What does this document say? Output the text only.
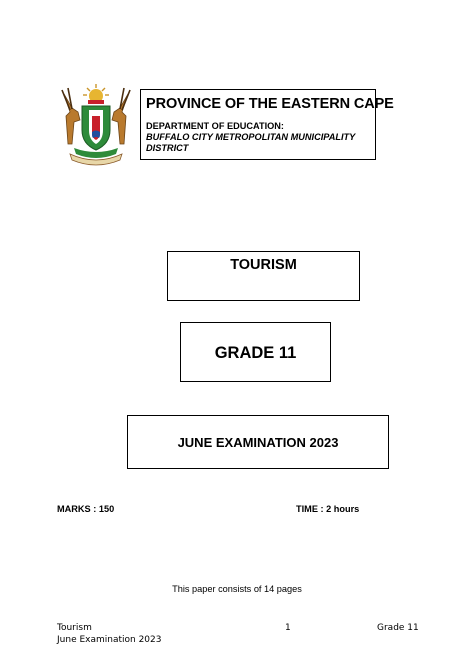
PROVINCE OF THE EASTERN CAPE
DEPARTMENT OF EDUCATION:
BUFFALO CITY METROPOLITAN MUNICIPALITY
DISTRICT
TOURISM
GRADE 11
JUNE EXAMINATION 2023
MARKS : 150	TIME : 2 hours
This paper consists of 14 pages
Tourism
June Examination 2023
1	Grade 11
